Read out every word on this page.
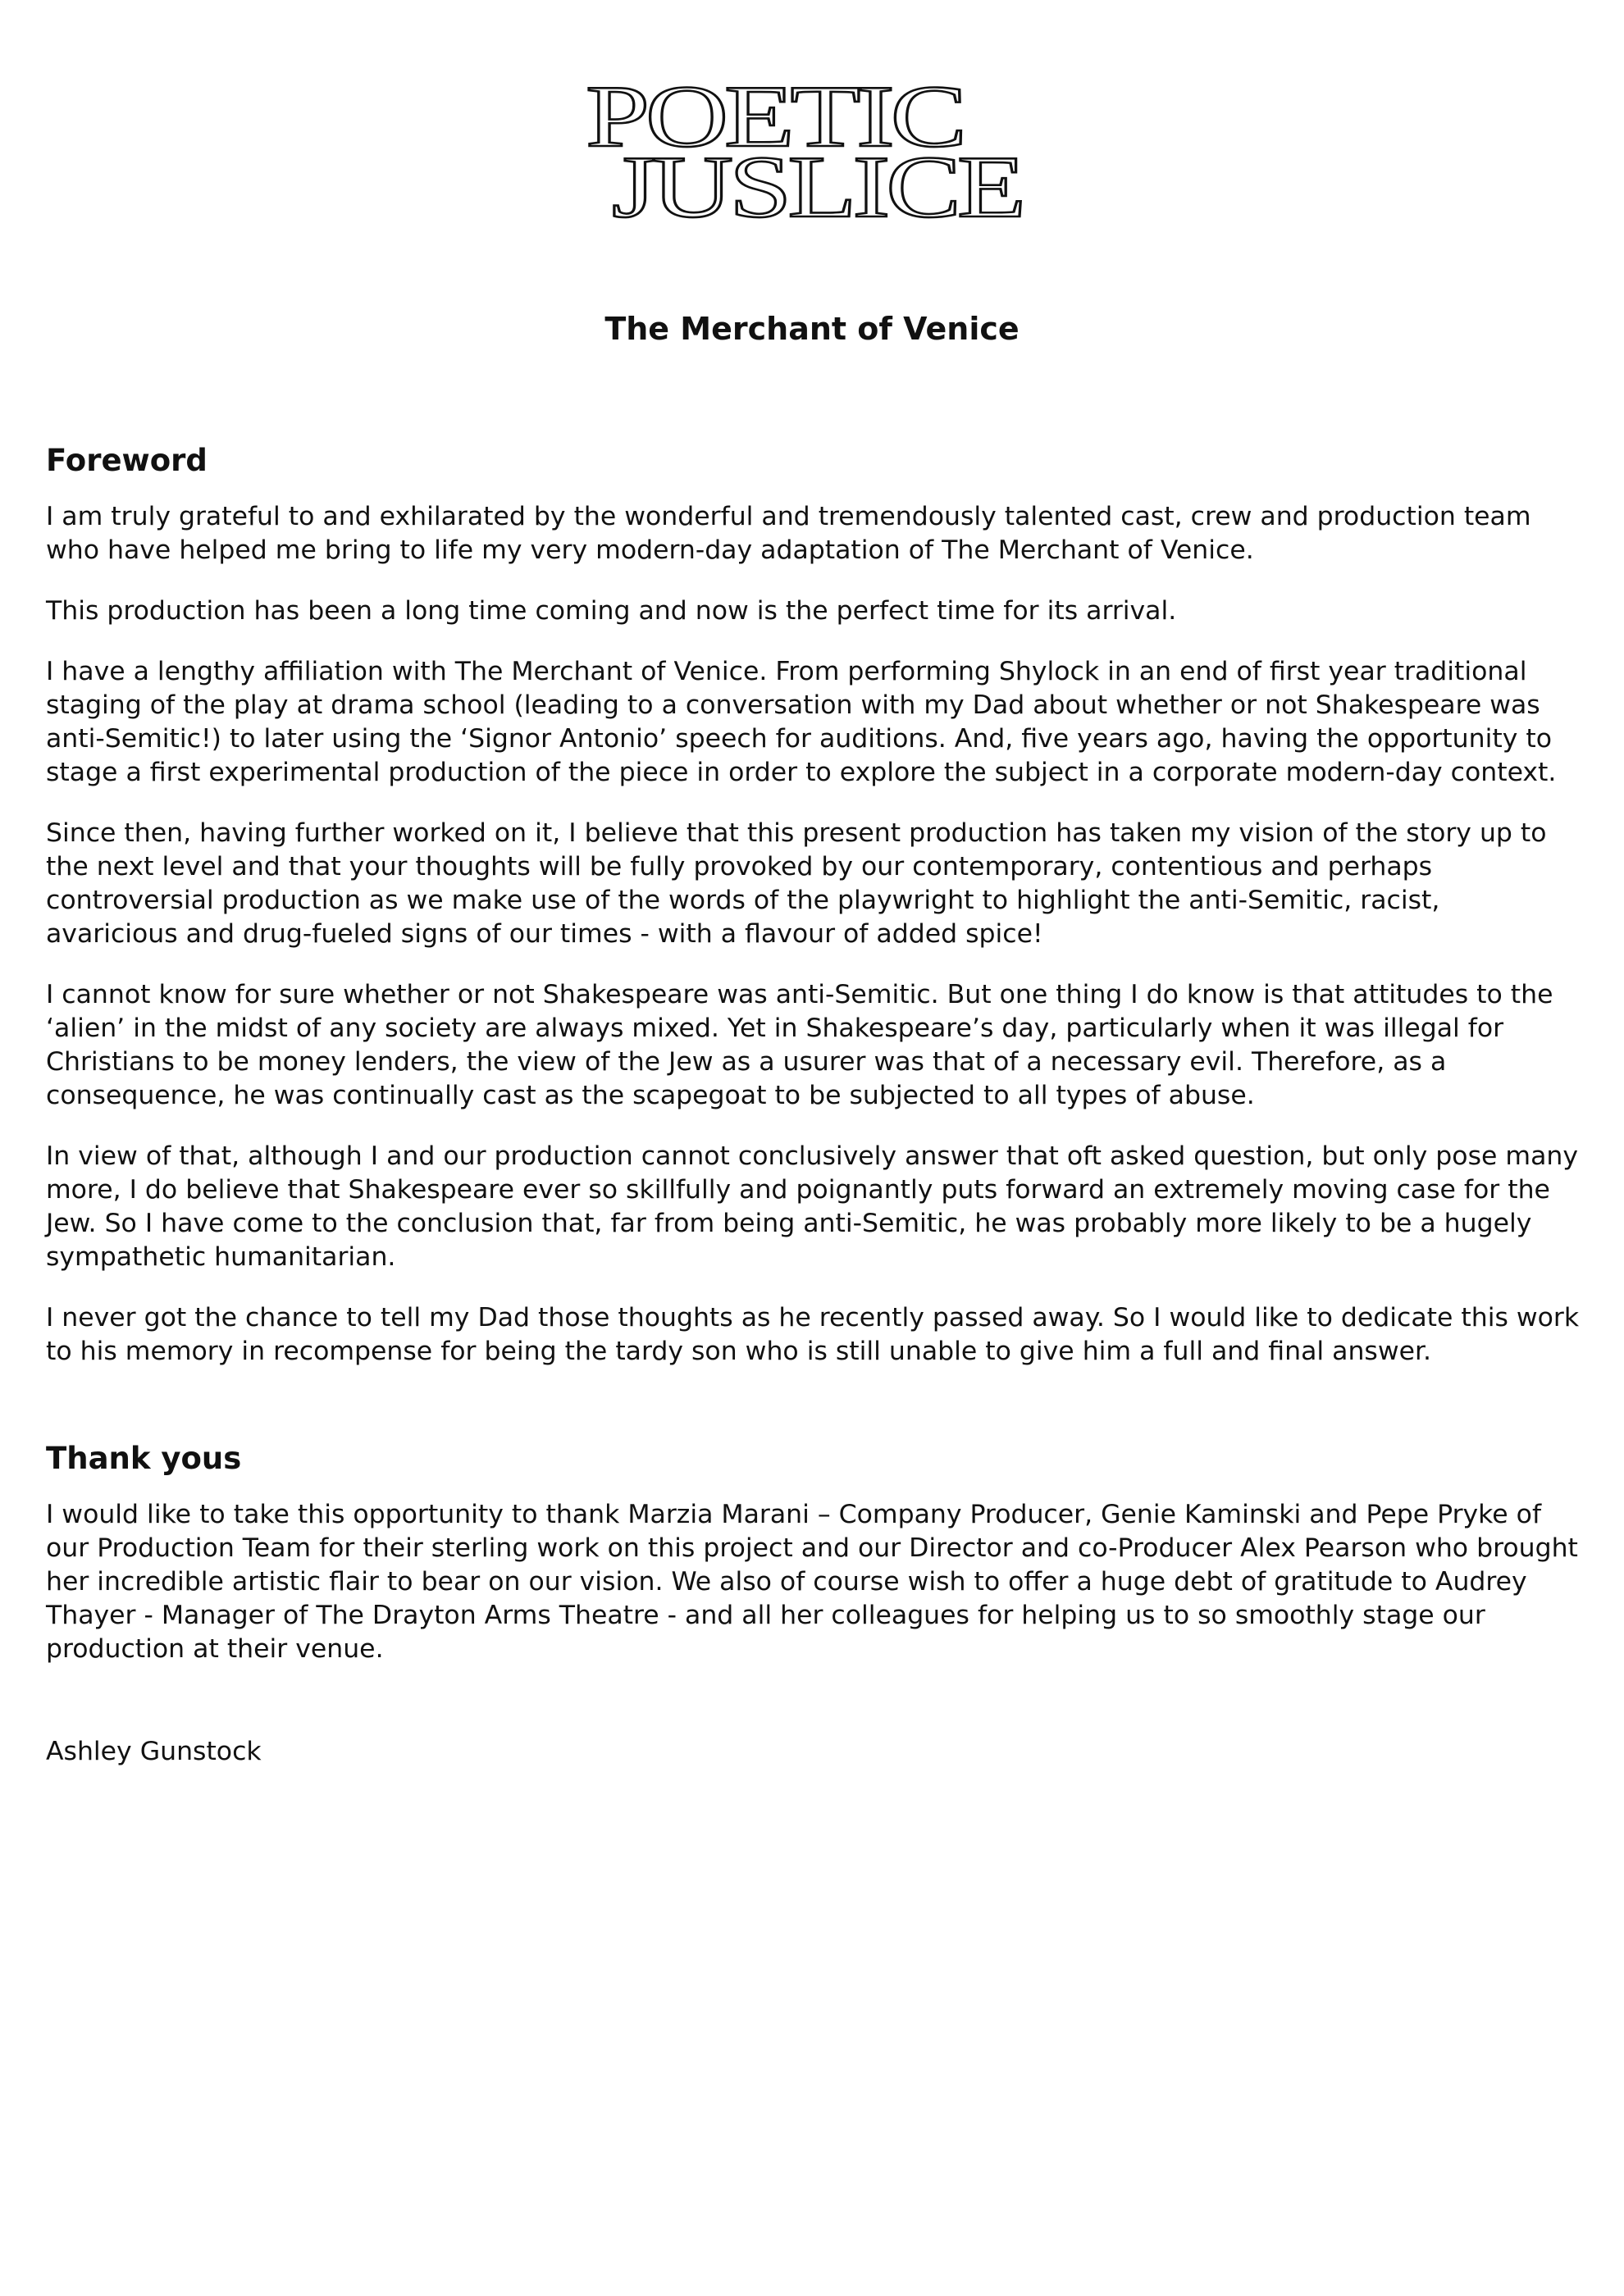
POETIC
JUSLICE
The Merchant of Venice
Foreword

I am truly grateful to and exhilarated by the wonderful and tremendously talented cast, crew and production team who have helped me bring to life my very modern-day adaptation of The Merchant of Venice.

This production has been a long time coming and now is the perfect time for its arrival.

I have a lengthy affiliation with The Merchant of Venice. From performing Shylock in an end of first year traditional staging of the play at drama school (leading to a conversation with my Dad about whether or not Shakespeare was anti-Semitic!) to later using the ‘Signor Antonio’ speech for auditions. And, five years ago, having the opportunity to stage a first experimental production of the piece in order to explore the subject in a corporate modern-day context.

Since then, having further worked on it, I believe that this present production has taken my vision of the story up to the next level and that your thoughts will be fully provoked by our contemporary, contentious and perhaps controversial production as we make use of the words of the playwright to highlight the anti-Semitic, racist, avaricious and drug-fueled signs of our times - with a flavour of added spice!

I cannot know for sure whether or not Shakespeare was anti-Semitic. But one thing I do know is that attitudes to the ‘alien’ in the midst of any society are always mixed. Yet in Shakespeare’s day, particularly when it was illegal for Christians to be money lenders, the view of the Jew as a usurer was that of a necessary evil. Therefore, as a consequence, he was continually cast as the scapegoat to be subjected to all types of abuse.

In view of that, although I and our production cannot conclusively answer that oft asked question, but only pose many more, I do believe that Shakespeare ever so skillfully and poignantly puts forward an extremely moving case for the Jew. So I have come to the conclusion that, far from being anti-Semitic, he was probably more likely to be a hugely sympathetic humanitarian.

I never got the chance to tell my Dad those thoughts as he recently passed away. So I would like to dedicate this work to his memory in recompense for being the tardy son who is still unable to give him a full and final answer.

Thank yous

I would like to take this opportunity to thank Marzia Marani – Company Producer, Genie Kaminski and Pepe Pryke of our Production Team for their sterling work on this project and our Director and co-Producer Alex Pearson who brought her incredible artistic flair to bear on our vision. We also of course wish to offer a huge debt of gratitude to Audrey Thayer - Manager of The Drayton Arms Theatre - and all her colleagues for helping us to so smoothly stage our production at their venue.

Ashley Gunstock
